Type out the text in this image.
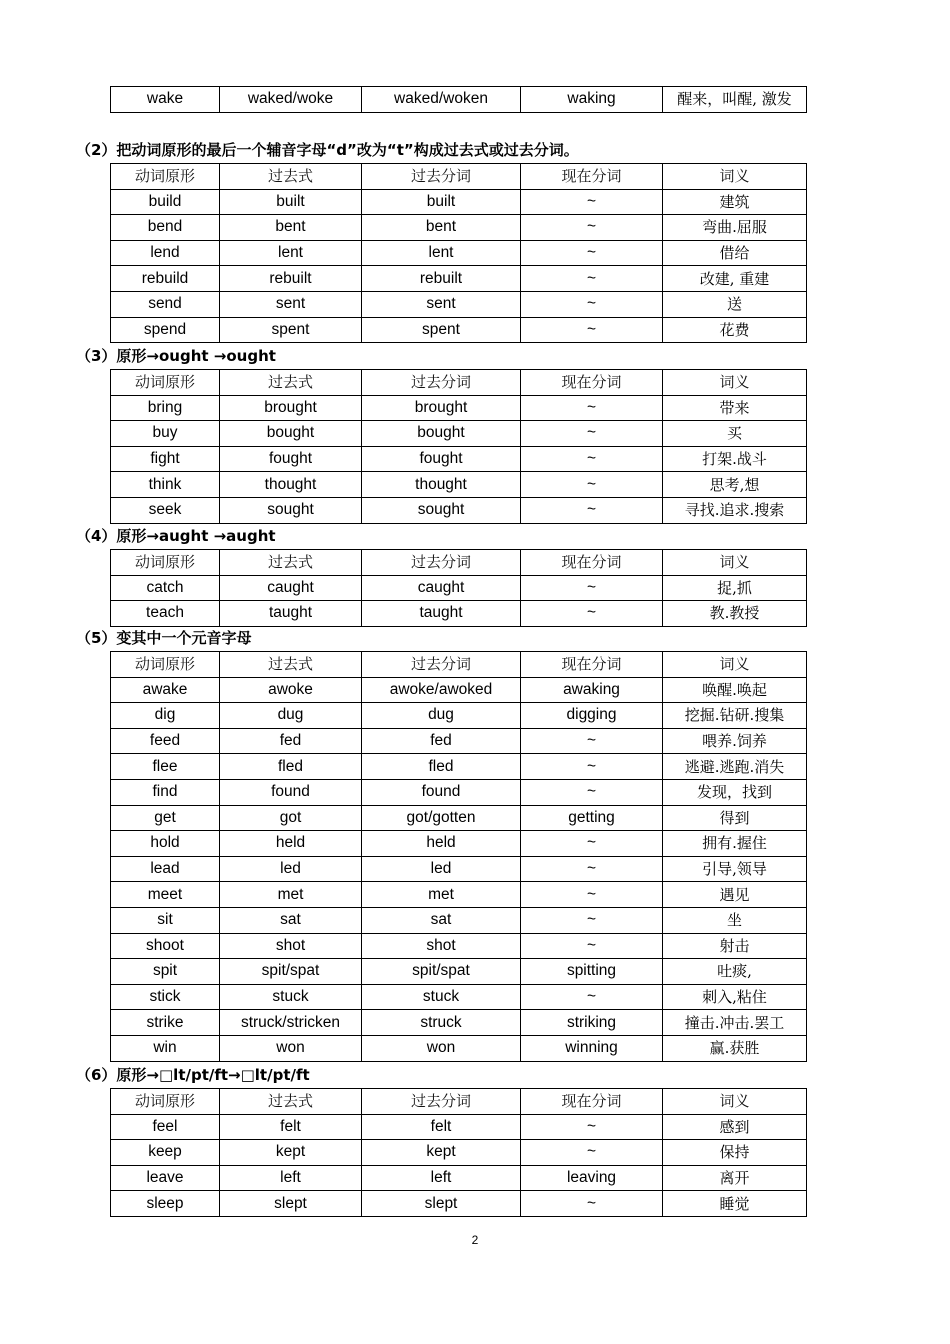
wake	waked/woke	waked/woken	waking	醒来，叫醒, 激发
（2）把动词原形的最后一个辅音字母“d”改为“t”构成过去式或过去分词。
动词原形	过去式	过去分词	现在分词	词义
build	built	built	~	建筑
bend	bent	bent	~	弯曲.屈服
lend	lent	lent	~	借给
rebuild	rebuilt	rebuilt	~	改建, 重建
send	sent	sent	~	送
spend	spent	spent	~	花费
（3）原形→ought →ought
动词原形	过去式	过去分词	现在分词	词义
bring	brought	brought	~	带来
buy	bought	bought	~	买
fight	fought	fought	~	打架.战斗
think	thought	thought	~	思考,想
seek	sought	sought	~	寻找.追求.搜索
（4）原形→aught →aught
动词原形	过去式	过去分词	现在分词	词义
catch	caught	caught	~	捉,抓
teach	taught	taught	~	教.教授
（5）变其中一个元音字母
动词原形	过去式	过去分词	现在分词	词义
awake	awoke	awoke/awoked	awaking	唤醒.唤起
dig	dug	dug	digging	挖掘.钻研.搜集
feed	fed	fed	~	喂养.饲养
flee	fled	fled	~	逃避.逃跑.消失
find	found	found	~	发现，找到
get	got	got/gotten	getting	得到
hold	held	held	~	拥有.握住
lead	led	led	~	引导,领导
meet	met	met	~	遇见
sit	sat	sat	~	坐
shoot	shot	shot	~	射击
spit	spit/spat	spit/spat	spitting	吐痰,
stick	stuck	stuck	~	刺入,粘住
strike	struck/stricken	struck	striking	撞击.冲击.罢工
win	won	won	winning	赢.获胜
（6）原形→□lt/pt/ft→□lt/pt/ft
动词原形	过去式	过去分词	现在分词	词义
feel	felt	felt	~	感到
keep	kept	kept	~	保持
leave	left	left	leaving	离开
sleep	slept	slept	~	睡觉
2
